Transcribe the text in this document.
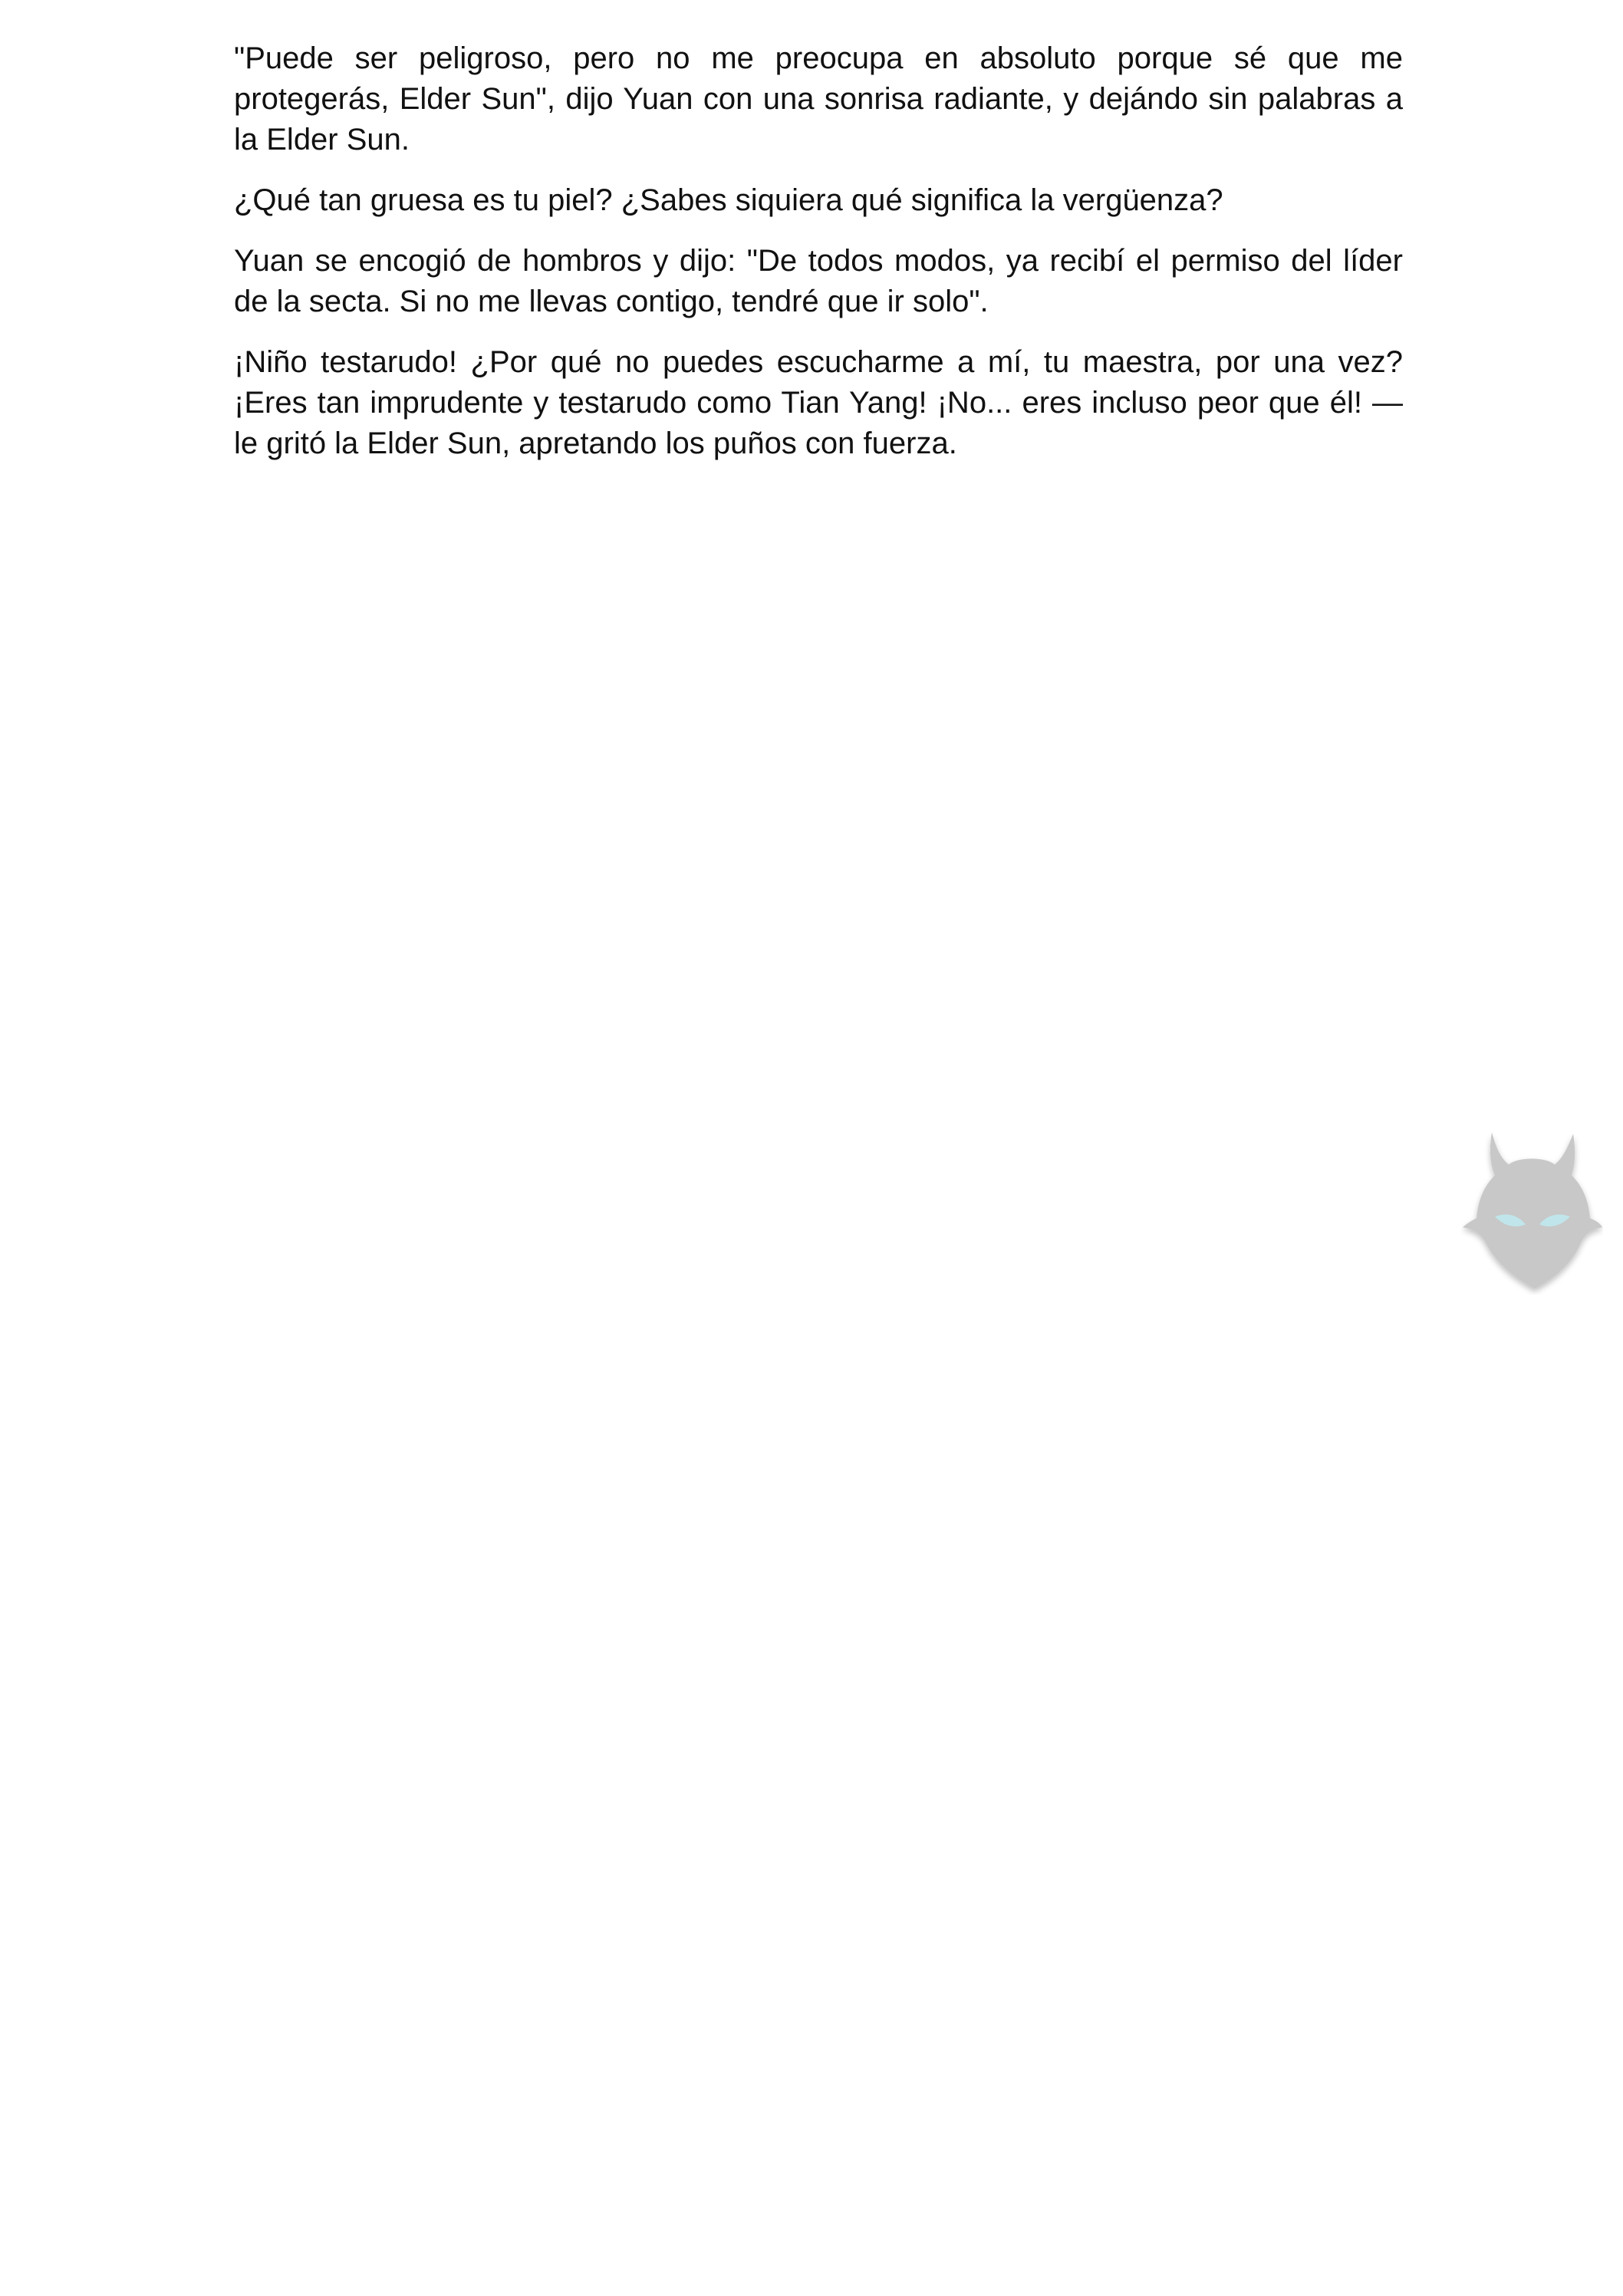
"Puede ser peligroso, pero no me preocupa en absoluto porque sé que me protegerás, Elder Sun", dijo Yuan con una sonrisa radiante, y dejándo sin palabras a la Elder Sun.

¿Qué tan gruesa es tu piel? ¿Sabes siquiera qué significa la vergüenza?

Yuan se encogió de hombros y dijo: "De todos modos, ya recibí el permiso del líder de la secta. Si no me llevas contigo, tendré que ir solo".

¡Niño testarudo! ¿Por qué no puedes escucharme a mí, tu maestra, por una vez? ¡Eres tan imprudente y testarudo como Tian Yang! ¡No... eres incluso peor que él! —le gritó la Elder Sun, apretando los puños con fuerza.
